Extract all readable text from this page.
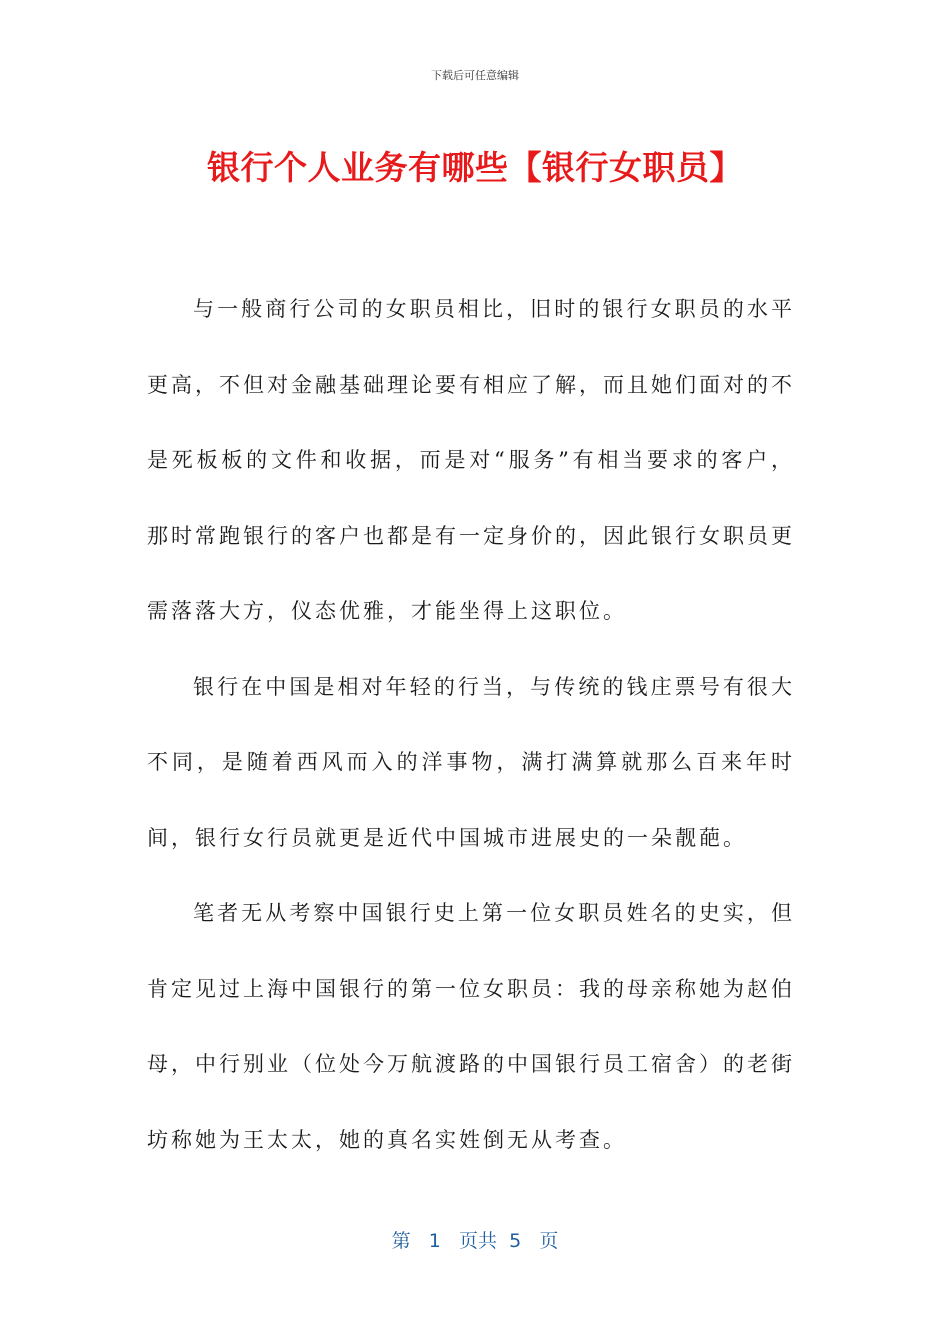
下载后可任意编辑
银行个人业务有哪些【银行女职员】

与一般商行公司的女职员相比，旧时的银行女职员的水平更高，不但对金融基础理论要有相应了解，而且她们面对的不是死板板的文件和收据，而是对“服务”有相当要求的客户，那时常跑银行的客户也都是有一定身价的，因此银行女职员更需落落大方，仪态优雅，才能坐得上这职位。

银行在中国是相对年轻的行当，与传统的钱庄票号有很大不同，是随着西风而入的洋事物，满打满算就那么百来年时间，银行女行员就更是近代中国城市进展史的一朵靓葩。

笔者无从考察中国银行史上第一位女职员姓名的史实，但肯定见过上海中国银行的第一位女职员：我的母亲称她为赵伯母，中行别业（位处今万航渡路的中国银行员工宿舍）的老街坊称她为王太太，她的真名实姓倒无从考查。

第 1 页共 5 页
